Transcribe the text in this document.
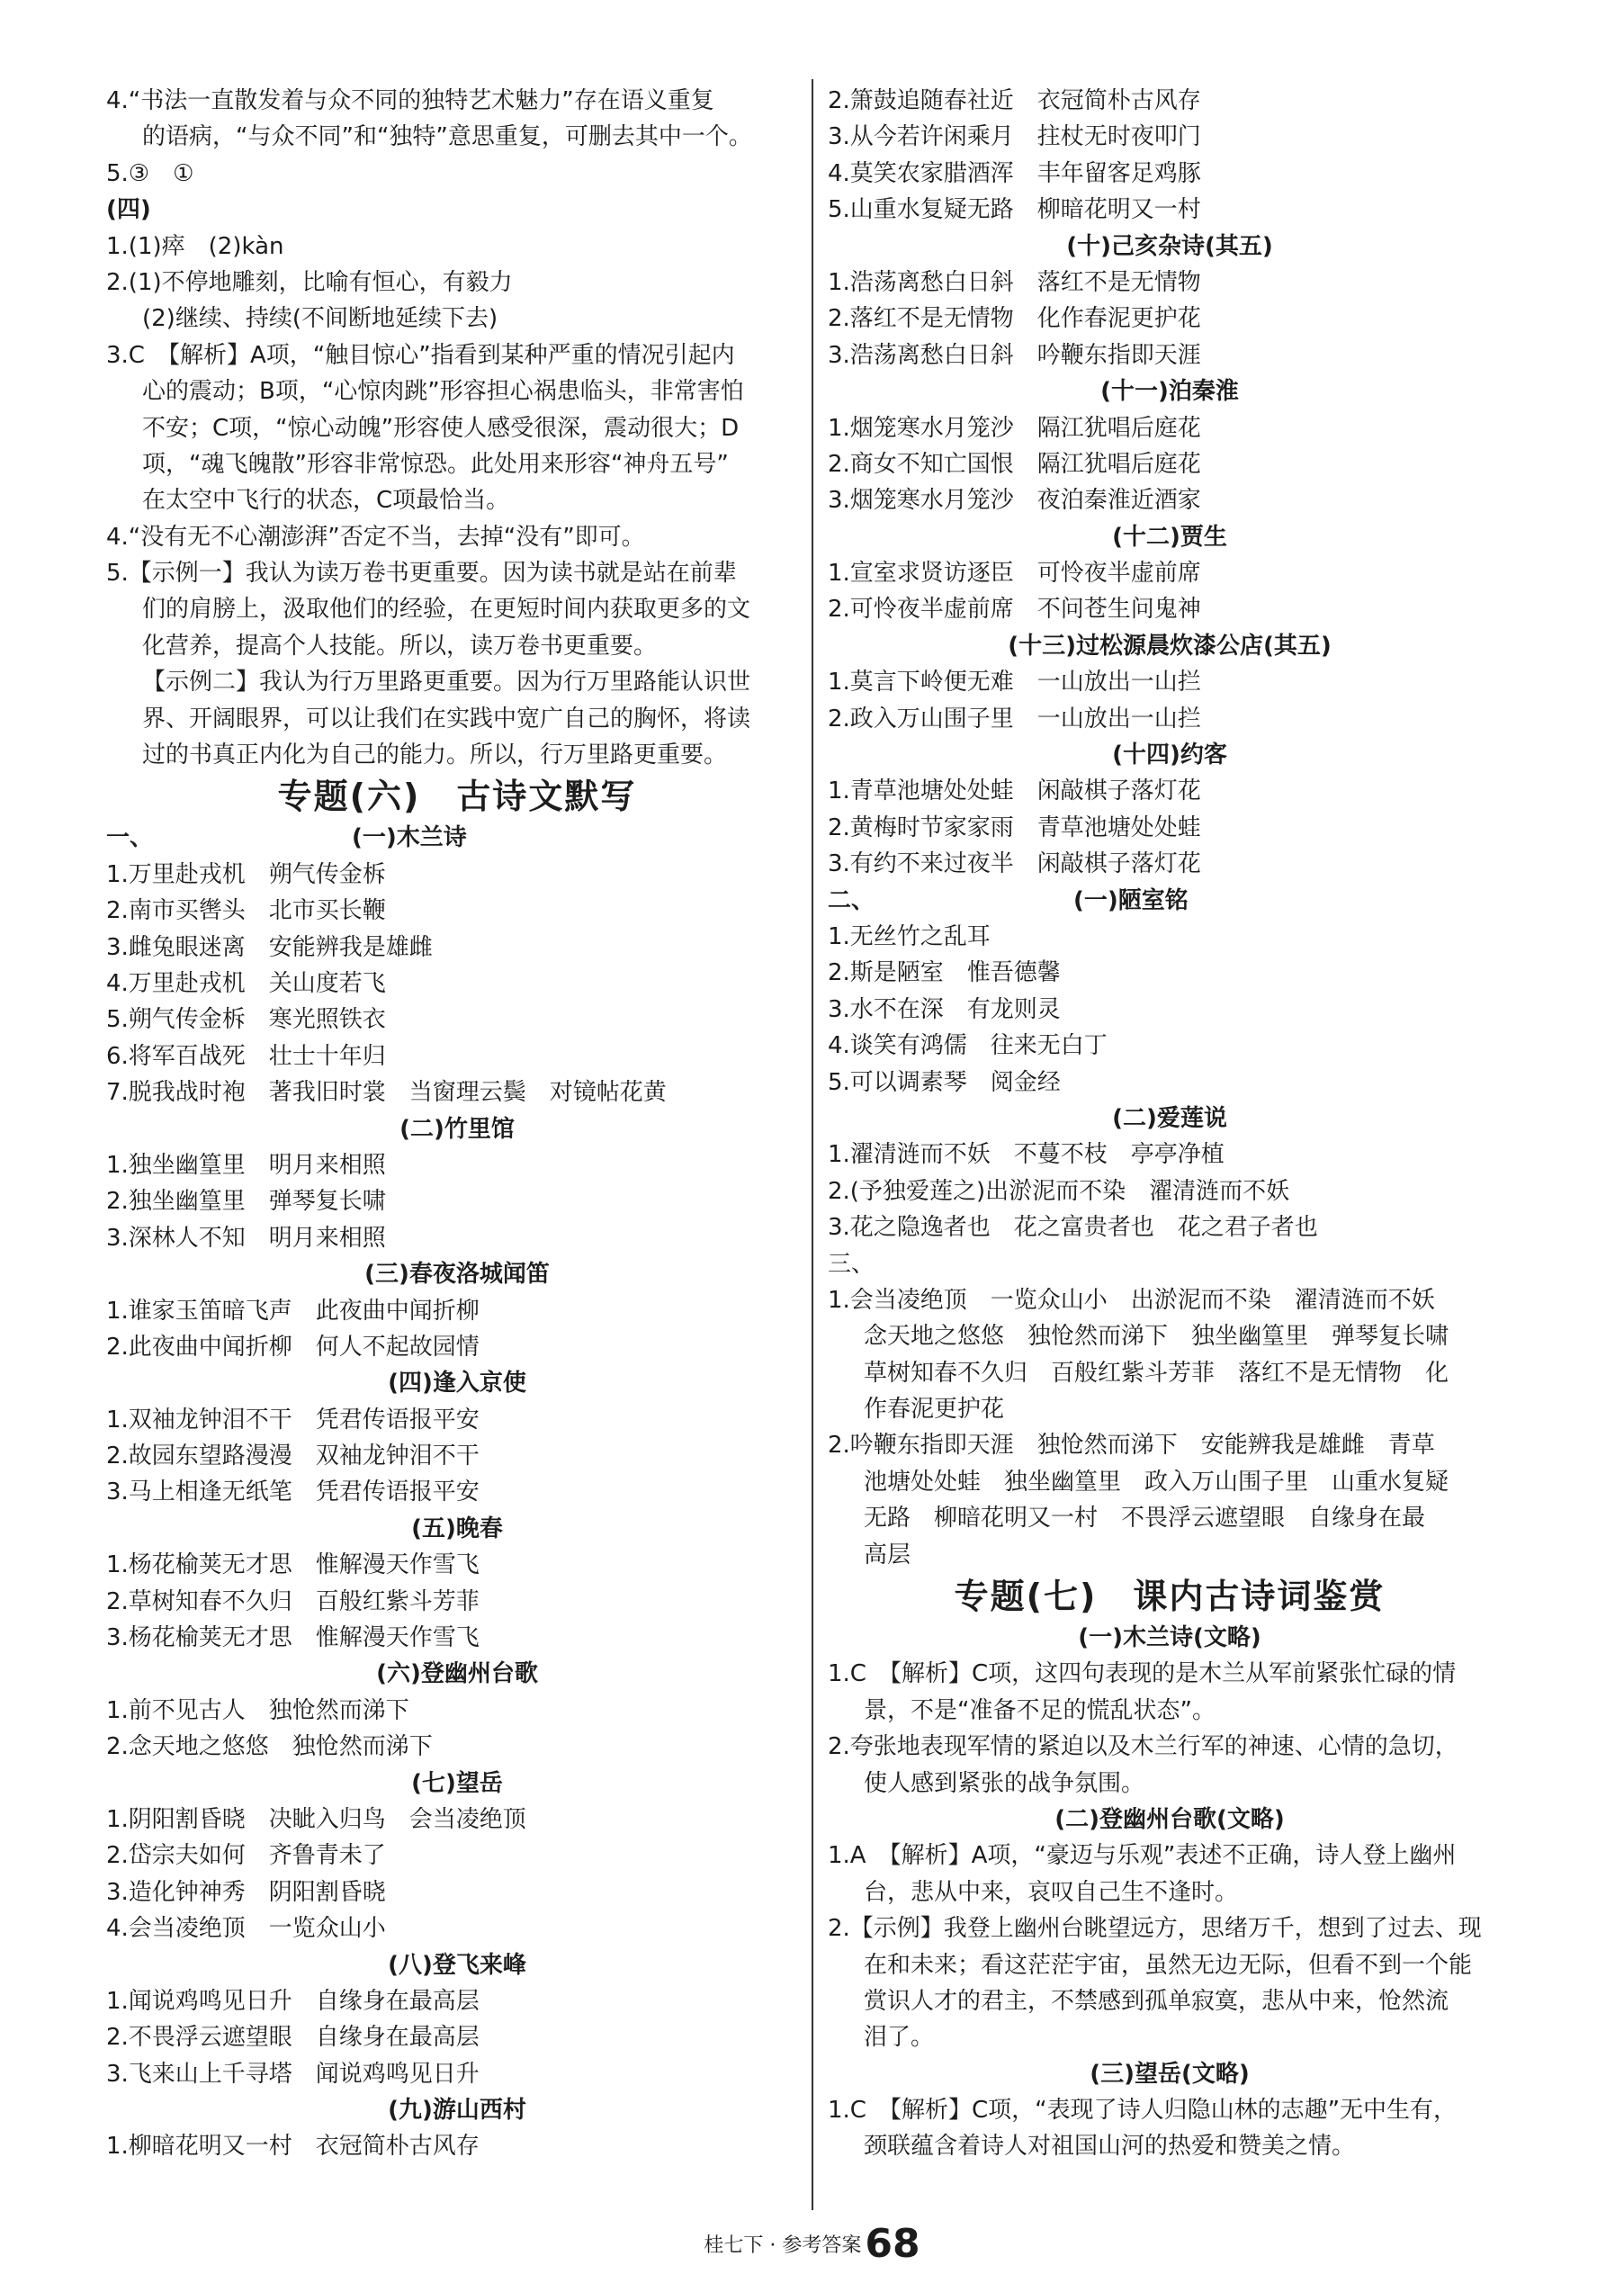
4.“书法一直散发着与众不同的独特艺术魅力”存在语义重复
的语病，“与众不同”和“独特”意思重复，可删去其中一个。
5.③　①
(四)
1.(1)瘁　(2)kàn
2.(1)不停地雕刻，比喻有恒心，有毅力
(2)继续、持续(不间断地延续下去)
3.C　【解析】A项，“触目惊心”指看到某种严重的情况引起内
心的震动；B项，“心惊肉跳”形容担心祸患临头，非常害怕
不安；C项，“惊心动魄”形容使人感受很深，震动很大；D
项，“魂飞魄散”形容非常惊恐。此处用来形容“神舟五号”
在太空中飞行的状态，C项最恰当。
4.“没有无不心潮澎湃”否定不当，去掉“没有”即可。
5.【示例一】我认为读万卷书更重要。因为读书就是站在前辈
们的肩膀上，汲取他们的经验，在更短时间内获取更多的文
化营养，提高个人技能。所以，读万卷书更重要。
【示例二】我认为行万里路更重要。因为行万里路能认识世
界、开阔眼界，可以让我们在实践中宽广自己的胸怀，将读
过的书真正内化为自己的能力。所以，行万里路更重要。
专题(六)　古诗文默写
一、　　　　　　　　　(一)木兰诗
1.万里赴戎机　朔气传金柝
2.南市买辔头　北市买长鞭
3.雌兔眼迷离　安能辨我是雄雌
4.万里赴戎机　关山度若飞
5.朔气传金柝　寒光照铁衣
6.将军百战死　壮士十年归
7.脱我战时袍　著我旧时裳　当窗理云鬓　对镜帖花黄
(二)竹里馆
1.独坐幽篁里　明月来相照
2.独坐幽篁里　弹琴复长啸
3.深林人不知　明月来相照
(三)春夜洛城闻笛
1.谁家玉笛暗飞声　此夜曲中闻折柳
2.此夜曲中闻折柳　何人不起故园情
(四)逢入京使
1.双袖龙钟泪不干　凭君传语报平安
2.故园东望路漫漫　双袖龙钟泪不干
3.马上相逢无纸笔　凭君传语报平安
(五)晚春
1.杨花榆荚无才思　惟解漫天作雪飞
2.草树知春不久归　百般红紫斗芳菲
3.杨花榆荚无才思　惟解漫天作雪飞
(六)登幽州台歌
1.前不见古人　独怆然而涕下
2.念天地之悠悠　独怆然而涕下
(七)望岳
1.阴阳割昏晓　决眦入归鸟　会当凌绝顶
2.岱宗夫如何　齐鲁青未了
3.造化钟神秀　阴阳割昏晓
4.会当凌绝顶　一览众山小
(八)登飞来峰
1.闻说鸡鸣见日升　自缘身在最高层
2.不畏浮云遮望眼　自缘身在最高层
3.飞来山上千寻塔　闻说鸡鸣见日升
(九)游山西村
1.柳暗花明又一村　衣冠简朴古风存
2.箫鼓追随春社近　衣冠简朴古风存
3.从今若许闲乘月　拄杖无时夜叩门
4.莫笑农家腊酒浑　丰年留客足鸡豚
5.山重水复疑无路　柳暗花明又一村
(十)己亥杂诗(其五)
1.浩荡离愁白日斜　落红不是无情物
2.落红不是无情物　化作春泥更护花
3.浩荡离愁白日斜　吟鞭东指即天涯
(十一)泊秦淮
1.烟笼寒水月笼沙　隔江犹唱后庭花
2.商女不知亡国恨　隔江犹唱后庭花
3.烟笼寒水月笼沙　夜泊秦淮近酒家
(十二)贾生
1.宣室求贤访逐臣　可怜夜半虚前席
2.可怜夜半虚前席　不问苍生问鬼神
(十三)过松源晨炊漆公店(其五)
1.莫言下岭便无难　一山放出一山拦
2.政入万山围子里　一山放出一山拦
(十四)约客
1.青草池塘处处蛙　闲敲棋子落灯花
2.黄梅时节家家雨　青草池塘处处蛙
3.有约不来过夜半　闲敲棋子落灯花
二、　　　　　　　　　(一)陋室铭
1.无丝竹之乱耳
2.斯是陋室　惟吾德馨
3.水不在深　有龙则灵
4.谈笑有鸿儒　往来无白丁
5.可以调素琴　阅金经
(二)爱莲说
1.濯清涟而不妖　不蔓不枝　亭亭净植
2.(予独爱莲之)出淤泥而不染　濯清涟而不妖
3.花之隐逸者也　花之富贵者也　花之君子者也
三、
1.会当凌绝顶　一览众山小　出淤泥而不染　濯清涟而不妖
念天地之悠悠　独怆然而涕下　独坐幽篁里　弹琴复长啸
草树知春不久归　百般红紫斗芳菲　落红不是无情物　化
作春泥更护花
2.吟鞭东指即天涯　独怆然而涕下　安能辨我是雄雌　青草
池塘处处蛙　独坐幽篁里　政入万山围子里　山重水复疑
无路　柳暗花明又一村　不畏浮云遮望眼　自缘身在最
高层
专题(七)　课内古诗词鉴赏
(一)木兰诗(文略)
1.C　【解析】C项，这四句表现的是木兰从军前紧张忙碌的情
景，不是“准备不足的慌乱状态”。
2.夸张地表现军情的紧迫以及木兰行军的神速、心情的急切，
使人感到紧张的战争氛围。
(二)登幽州台歌(文略)
1.A　【解析】A项，“豪迈与乐观”表述不正确，诗人登上幽州
台，悲从中来，哀叹自己生不逢时。
2.【示例】我登上幽州台眺望远方，思绪万千，想到了过去、现
在和未来；看这茫茫宇宙，虽然无边无际，但看不到一个能
赏识人才的君主，不禁感到孤单寂寞，悲从中来，怆然流
泪了。
(三)望岳(文略)
1.C　【解析】C项，“表现了诗人归隐山林的志趣”无中生有，
颈联蕴含着诗人对祖国山河的热爱和赞美之情。
桂七下 · 参考答案68
